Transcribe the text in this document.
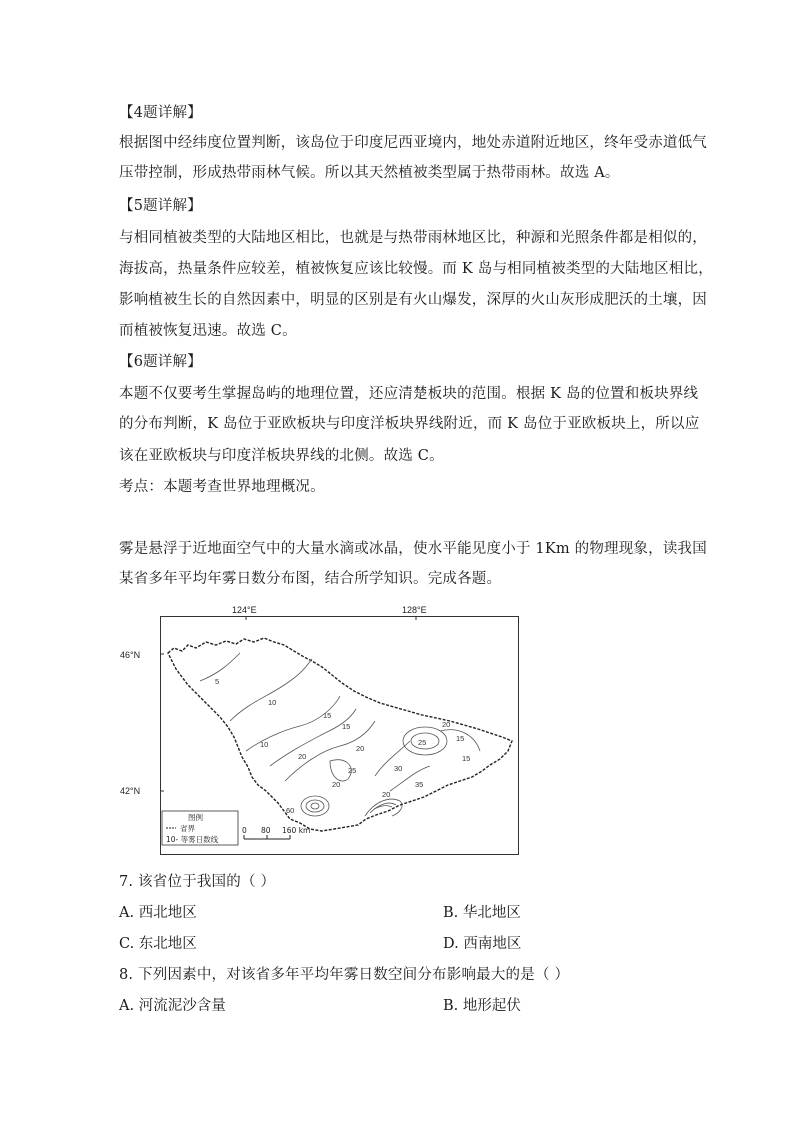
【4题详解】
根据图中经纬度位置判断，该岛位于印度尼西亚境内，地处赤道附近地区，终年受赤道低气
压带控制，形成热带雨林气候。所以其天然植被类型属于热带雨林。故选 A。
【5题详解】
与相同植被类型的大陆地区相比，也就是与热带雨林地区比，种源和光照条件都是相似的，
海拔高，热量条件应较差，植被恢复应该比较慢。而 K 岛与相同植被类型的大陆地区相比，
影响植被生长的自然因素中，明显的区别是有火山爆发，深厚的火山灰形成肥沃的土壤，因
而植被恢复迅速。故选 C。
【6题详解】
本题不仅要考生掌握岛屿的地理位置，还应清楚板块的范围。根据 K 岛的位置和板块界线
的分布判断，K 岛位于亚欧板块与印度洋板块界线附近，而 K 岛位于亚欧板块上，所以应
该在亚欧板块与印度洋板块界线的北侧。故选 C。
考点：本题考查世界地理概况。
雾是悬浮于近地面空气中的大量水滴或冰晶，使水平能见度小于 1Km 的物理现象，读我国
某省多年平均年雾日数分布图，结合所学知识。完成各题。
124°E	128°E
46°N
42°N
5
10
15
10
20
15
20
25
20
30
25
20
15
15
35
60
20
图例
省界
10- 等雾日数线
0 80 160 km
7. 该省位于我国的（ ）
A. 西北地区	B. 华北地区
C. 东北地区	D. 西南地区
8. 下列因素中，对该省多年平均年雾日数空间分布影响最大的是（ ）
A. 河流泥沙含量	B. 地形起伏
